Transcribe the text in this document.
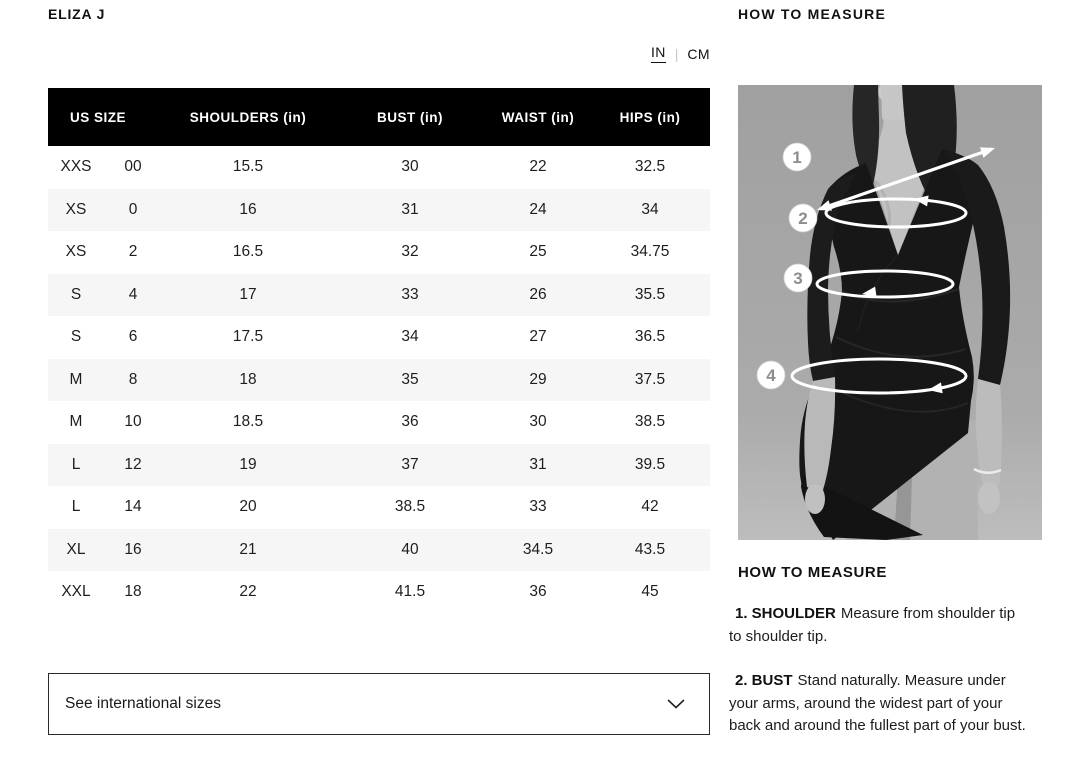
ELIZA J
IN | CM
US SIZE		SHOULDERS (in)	BUST (in)	WAIST (in)	HIPS (in)
XXS	00	15.5	30	22	32.5
XS	0	16	31	24	34
XS	2	16.5	32	25	34.75
S	4	17	33	26	35.5
S	6	17.5	34	27	36.5
M	8	18	35	29	37.5
M	10	18.5	36	30	38.5
L	12	19	37	31	39.5
L	14	20	38.5	33	42
XL	16	21	40	34.5	43.5
XXL	18	22	41.5	36	45
See international sizes
HOW TO MEASURE
1
2
3
4
HOW TO MEASURE

1. SHOULDER Measure from shoulder tip to shoulder tip.

2. BUST Stand naturally. Measure under your arms, around the widest part of your back and around the fullest part of your bust.
